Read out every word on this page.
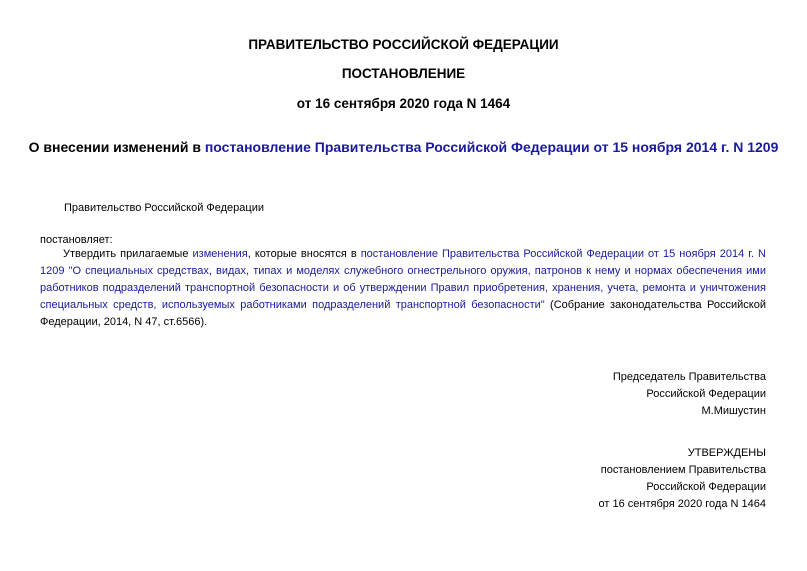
ПРАВИТЕЛЬСТВО РОССИЙСКОЙ ФЕДЕРАЦИИ
ПОСТАНОВЛЕНИЕ
от 16 сентября 2020 года N 1464
О внесении изменений в постановление Правительства Российской Федерации от 15 ноября 2014 г. N 1209
Правительство Российской Федерации
постановляет:

Утвердить прилагаемые изменения, которые вносятся в постановление Правительства Российской Федерации от 15 ноября 2014 г. N 1209 "О специальных средствах, видах, типах и моделях служебного огнестрельного оружия, патронов к нему и нормах обеспечения ими работников подразделений транспортной безопасности и об утверждении Правил приобретения, хранения, учета, ремонта и уничтожения специальных средств, используемых работниками подразделений транспортной безопасности" (Собрание законодательства Российской Федерации, 2014, N 47, ст.6566).

Председатель Правительства
Российской Федерации
М.Мишустин
УТВЕРЖДЕНЫ
постановлением Правительства
Российской Федерации
от 16 сентября 2020 года N 1464
